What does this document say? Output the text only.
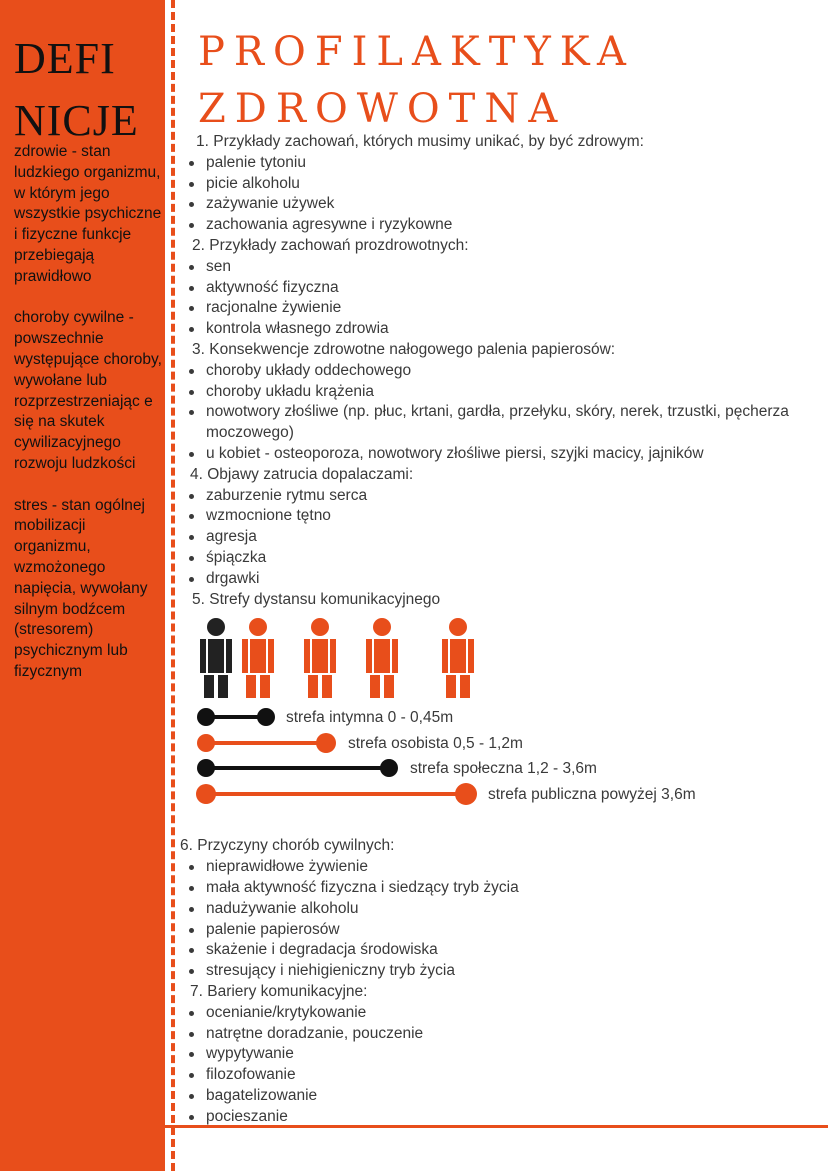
DEFI
NICJE

zdrowie - stan ludzkiego organizmu, w którym jego wszystkie psychiczne i fizyczne funkcje przebiegają prawidłowo

choroby cywilne - powszechnie występujące choroby, wywołane lub rozprzestrzeniając e się na skutek cywilizacyjnego rozwoju ludzkości

stres - stan ogólnej mobilizacji organizmu, wzmożonego napięcia, wywołany silnym bodźcem (stresorem) psychicznym lub fizycznym

PROFILAKTYKA
ZDROWOTNA
1. Przykłady zachowań, których musimy unikać, by być zdrowym:
palenie tytoniu
picie alkoholu
zażywanie używek
zachowania agresywne i ryzykowne
2. Przykłady zachowań prozdrowotnych:
sen
aktywność fizyczna
racjonalne żywienie
kontrola własnego zdrowia
3. Konsekwencje zdrowotne nałogowego palenia papierosów:
choroby układy oddechowego
choroby układu krążenia
nowotwory złośliwe (np. płuc, krtani, gardła, przełyku, skóry, nerek, trzustki, pęcherza moczowego)
u kobiet - osteoporoza, nowotwory złośliwe piersi, szyjki macicy, jajników
4. Objawy zatrucia dopalaczami:
zaburzenie rytmu serca
wzmocnione tętno
agresja
śpiączka
drgawki
5. Strefy dystansu komunikacyjnego
strefa intymna 0 - 0,45m
strefa osobista 0,5 - 1,2m
strefa społeczna 1,2 - 3,6m
strefa publiczna powyżej 3,6m
6. Przyczyny chorób cywilnych:
nieprawidłowe żywienie
mała aktywność fizyczna i siedzący tryb życia
nadużywanie alkoholu
palenie papierosów
skażenie i degradacja środowiska
stresujący i niehigieniczny tryb życia
7. Bariery komunikacyjne:
ocenianie/krytykowanie
natrętne doradzanie, pouczenie
wypytywanie
filozofowanie
bagatelizowanie
pocieszanie
